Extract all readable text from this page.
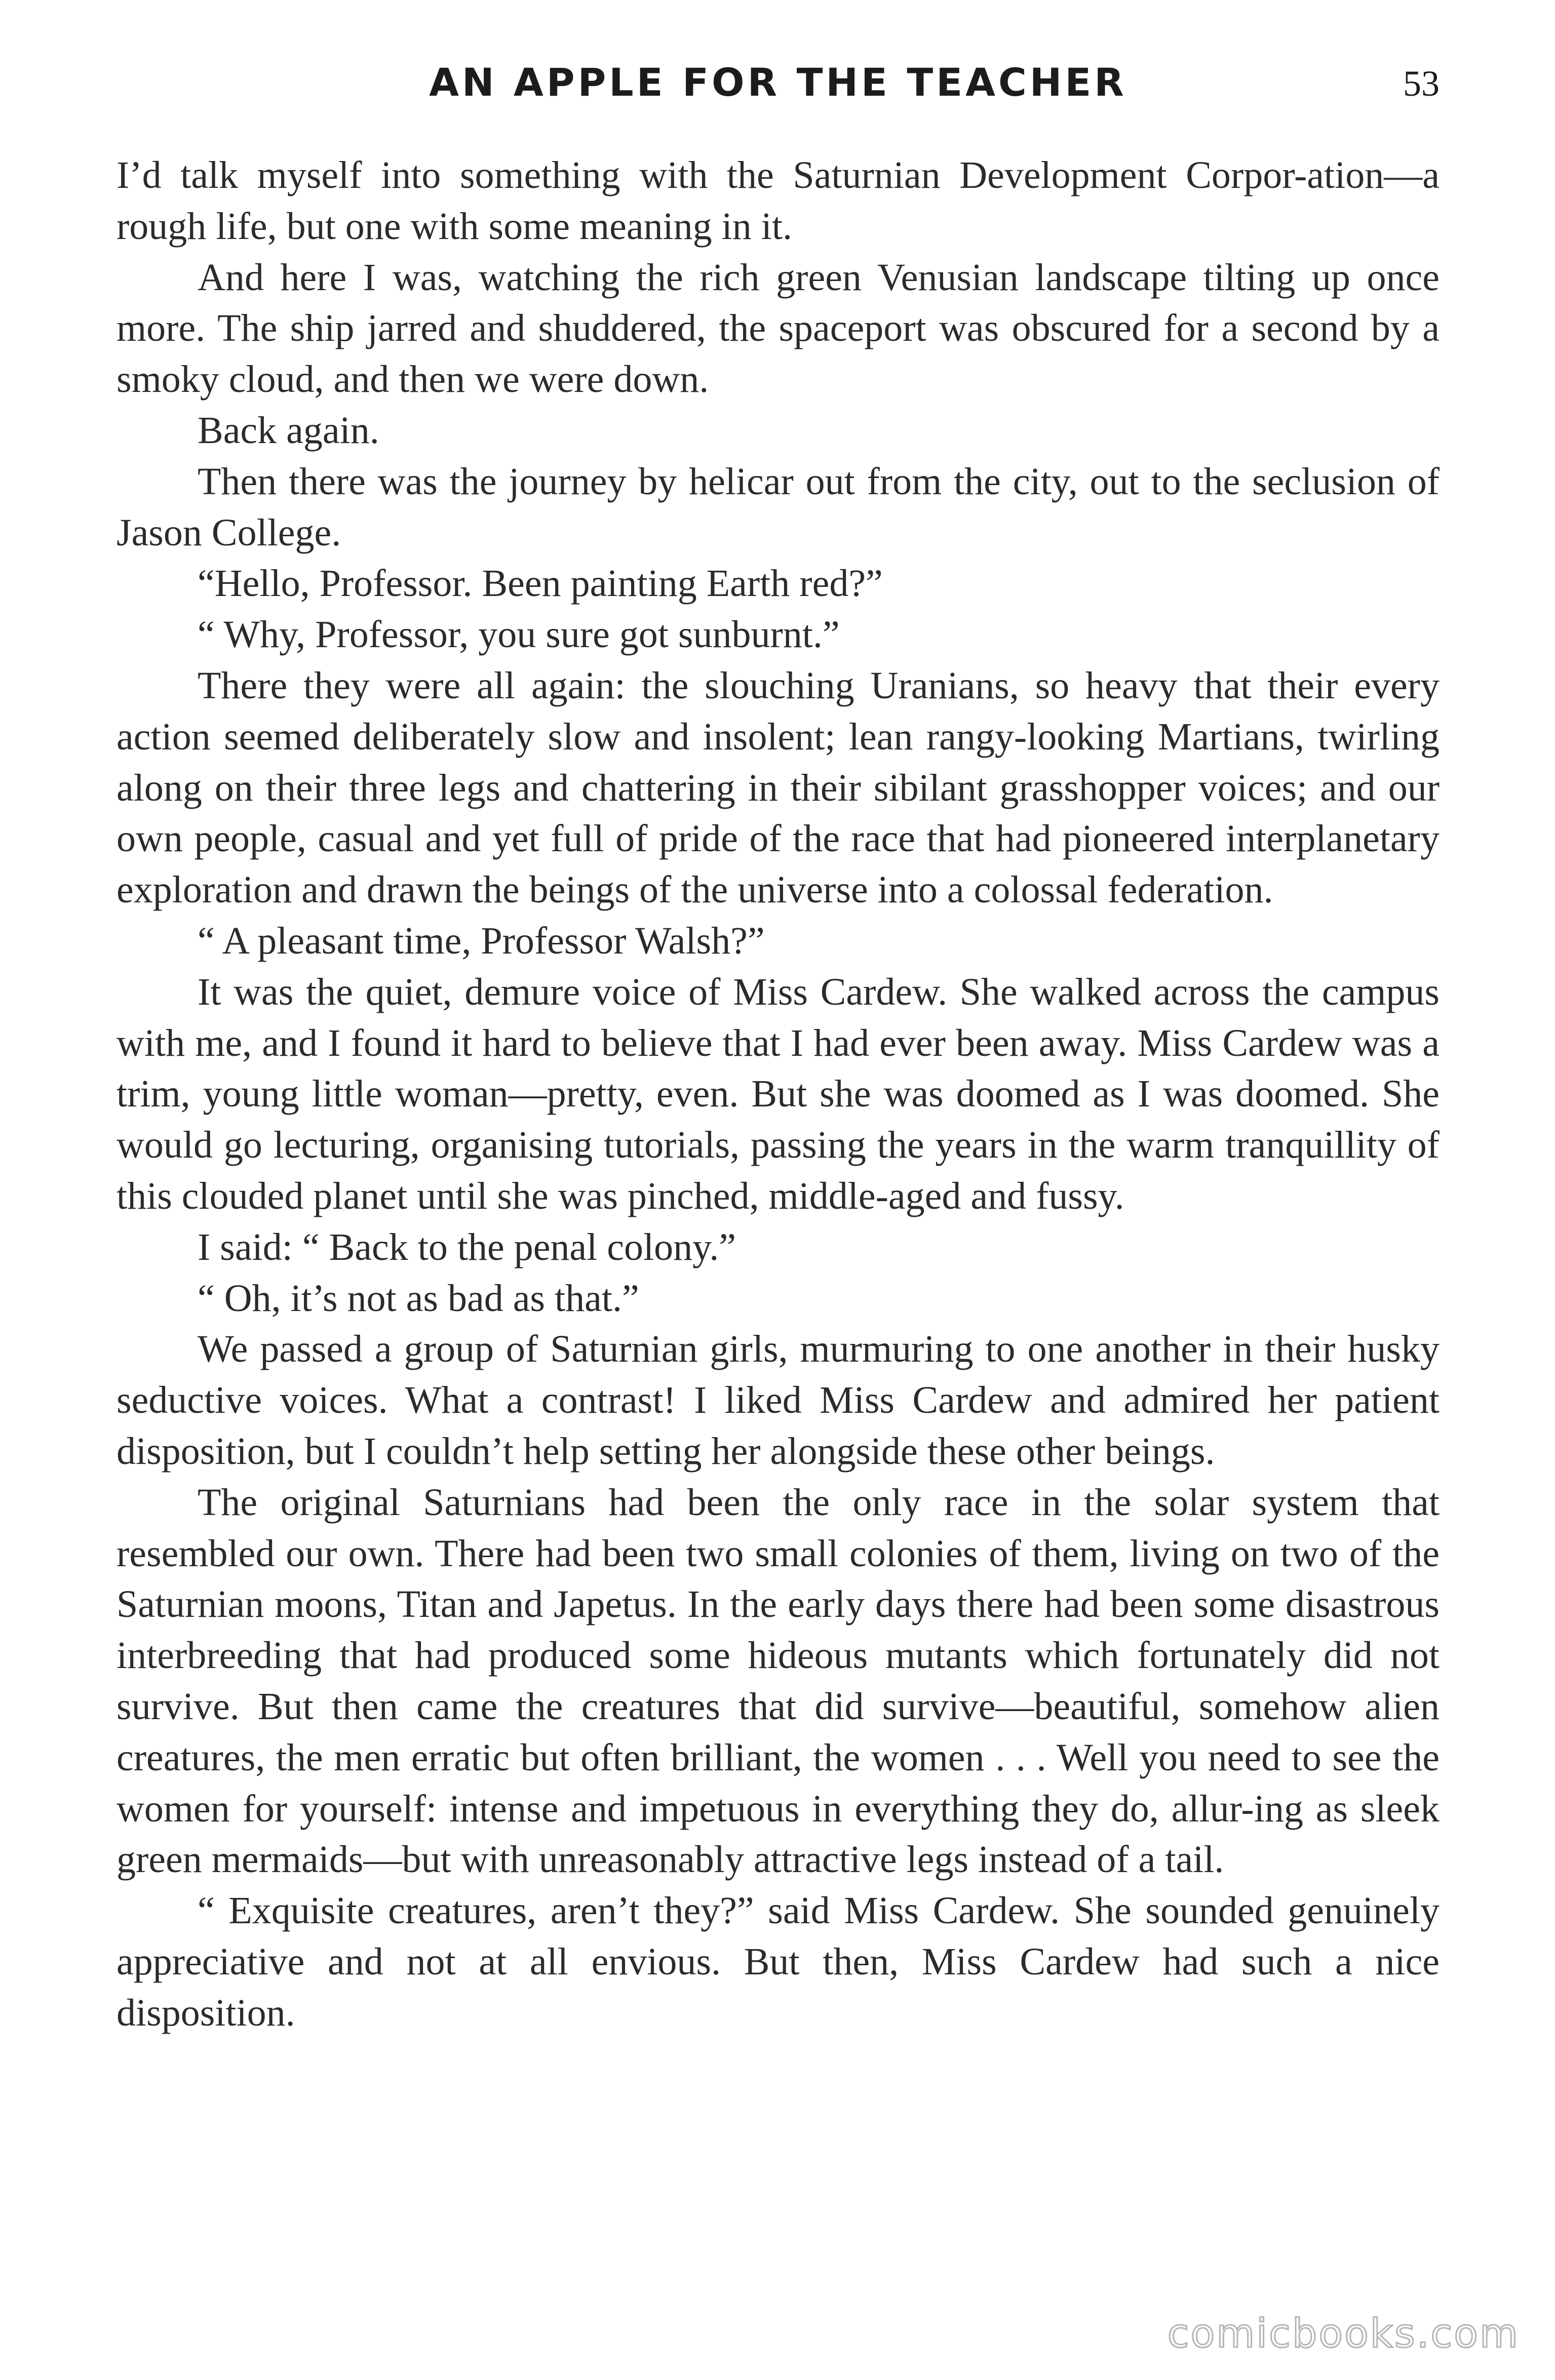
AN APPLE FOR THE TEACHER	53

I’d talk myself into something with the Saturnian Development Corpor-ation—a rough life, but one with some meaning in it.

And here I was, watching the rich green Venusian landscape tilting up once more. The ship jarred and shuddered, the spaceport was obscured for a second by a smoky cloud, and then we were down.

Back again.

Then there was the journey by helicar out from the city, out to the seclusion of Jason College.

“Hello, Professor. Been painting Earth red?”

“ Why, Professor, you sure got sunburnt.”

There they were all again: the slouching Uranians, so heavy that their every action seemed deliberately slow and insolent; lean rangy-looking Martians, twirling along on their three legs and chattering in their sibilant grasshopper voices; and our own people, casual and yet full of pride of the race that had pioneered interplanetary exploration and drawn the beings of the universe into a colossal federation.

“ A pleasant time, Professor Walsh?”

It was the quiet, demure voice of Miss Cardew. She walked across the campus with me, and I found it hard to believe that I had ever been away. Miss Cardew was a trim, young little woman—pretty, even. But she was doomed as I was doomed. She would go lecturing, organising tutorials, passing the years in the warm tranquillity of this clouded planet until she was pinched, middle-aged and fussy.

I said: “ Back to the penal colony.”

“ Oh, it’s not as bad as that.”

We passed a group of Saturnian girls, murmuring to one another in their husky seductive voices. What a contrast! I liked Miss Cardew and admired her patient disposition, but I couldn’t help setting her alongside these other beings.

The original Saturnians had been the only race in the solar system that resembled our own. There had been two small colonies of them, living on two of the Saturnian moons, Titan and Japetus. In the early days there had been some disastrous interbreeding that had produced some hideous mutants which fortunately did not survive. But then came the creatures that did survive—beautiful, somehow alien creatures, the men erratic but often brilliant, the women . . . Well you need to see the women for yourself: intense and impetuous in everything they do, allur-ing as sleek green mermaids—but with unreasonably attractive legs instead of a tail.

“ Exquisite creatures, aren’t they?” said Miss Cardew. She sounded genuinely appreciative and not at all envious. But then, Miss Cardew had such a nice disposition.

comicbooks.com
